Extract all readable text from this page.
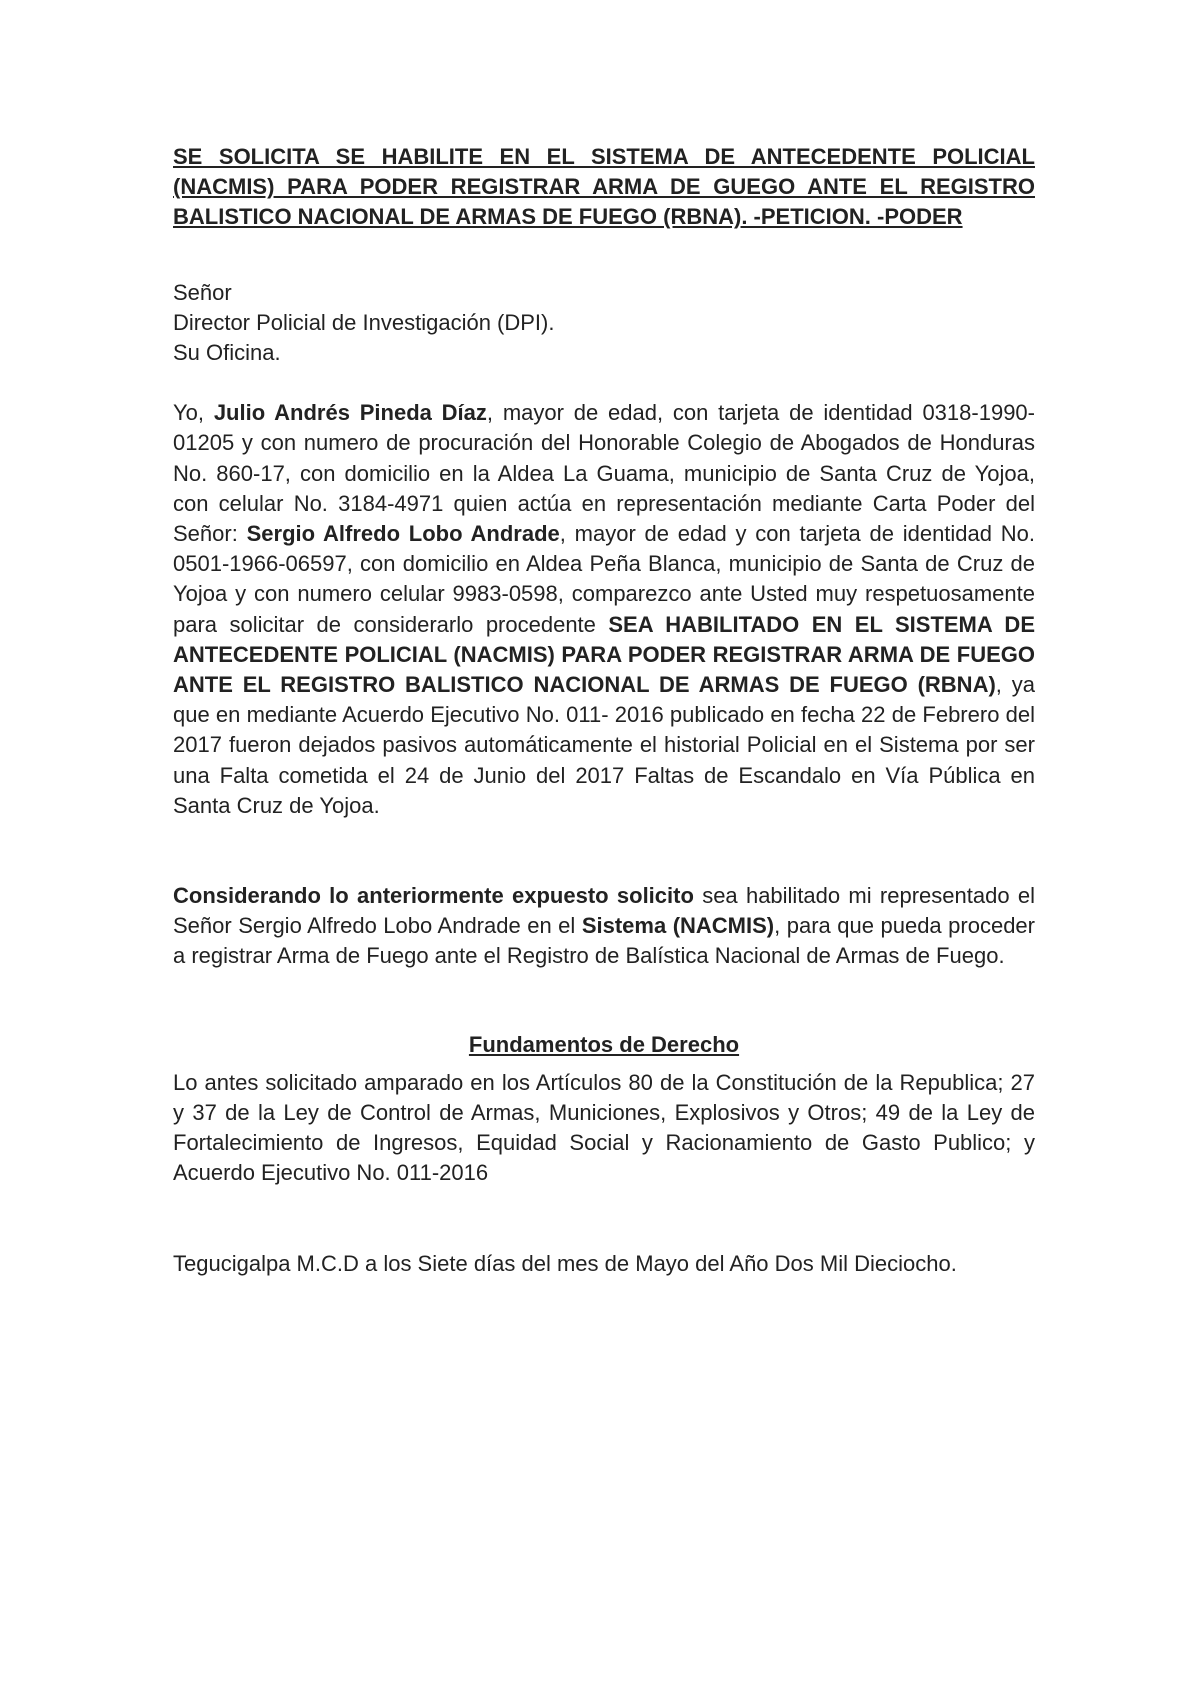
SE SOLICITA SE HABILITE EN EL SISTEMA DE ANTECEDENTE POLICIAL (NACMIS) PARA PODER REGISTRAR ARMA DE GUEGO ANTE EL REGISTRO BALISTICO NACIONAL DE ARMAS DE FUEGO (RBNA). -PETICION. -PODER

Señor
Director Policial de Investigación (DPI).
Su Oficina.

Yo, Julio Andrés Pineda Díaz, mayor de edad, con tarjeta de identidad 0318-1990-01205 y con numero de procuración del Honorable Colegio de Abogados de Honduras No. 860-17, con domicilio en la Aldea La Guama, municipio de Santa Cruz de Yojoa, con celular No. 3184-4971 quien actúa en representación mediante Carta Poder del Señor: Sergio Alfredo Lobo Andrade, mayor de edad y con tarjeta de identidad No. 0501-1966-06597, con domicilio en Aldea Peña Blanca, municipio de Santa de Cruz de Yojoa y con numero celular 9983-0598, comparezco ante Usted muy respetuosamente para solicitar de considerarlo procedente SEA HABILITADO EN EL SISTEMA DE ANTECEDENTE POLICIAL (NACMIS) PARA PODER REGISTRAR ARMA DE FUEGO ANTE EL REGISTRO BALISTICO NACIONAL DE ARMAS DE FUEGO (RBNA), ya que en mediante Acuerdo Ejecutivo No. 011- 2016 publicado en fecha 22 de Febrero del 2017 fueron dejados pasivos automáticamente el historial Policial en el Sistema por ser una Falta cometida el 24 de Junio del 2017 Faltas de Escandalo en Vía Pública en Santa Cruz de Yojoa.

Considerando lo anteriormente expuesto solicito sea habilitado mi representado el Señor Sergio Alfredo Lobo Andrade en el Sistema (NACMIS), para que pueda proceder a registrar Arma de Fuego ante el Registro de Balística Nacional de Armas de Fuego.

Fundamentos de Derecho

Lo antes solicitado amparado en los Artículos 80 de la Constitución de la Republica; 27 y 37 de la Ley de Control de Armas, Municiones, Explosivos y Otros; 49 de la Ley de Fortalecimiento de Ingresos, Equidad Social y Racionamiento de Gasto Publico; y Acuerdo Ejecutivo No. 011-2016

Tegucigalpa M.C.D a los Siete días del mes de Mayo del Año Dos Mil Dieciocho.
